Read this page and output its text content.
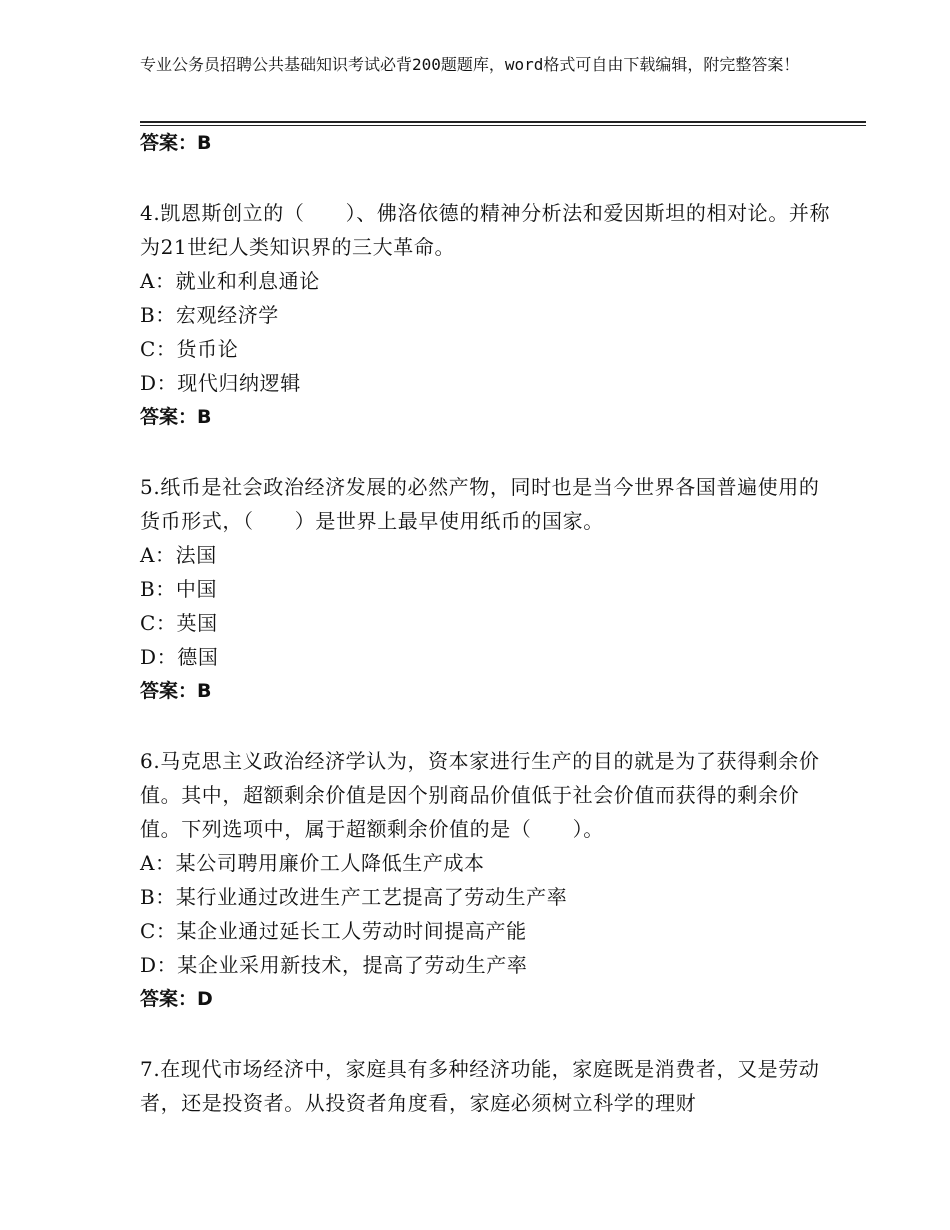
专业公务员招聘公共基础知识考试必背200题题库，word格式可自由下载编辑，附完整答案！
答案：B
4.凯恩斯创立的（　　）、佛洛依德的精神分析法和爱因斯坦的相对论。并称为21世纪人类知识界的三大革命。
A：就业和利息通论
B：宏观经济学
C：货币论
D：现代归纳逻辑
答案：B
5.纸币是社会政治经济发展的必然产物，同时也是当今世界各国普遍使用的货币形式，（　　）是世界上最早使用纸币的国家。
A：法国
B：中国
C：英国
D：德国
答案：B
6.马克思主义政治经济学认为，资本家进行生产的目的就是为了获得剩余价值。其中，超额剩余价值是因个别商品价值低于社会价值而获得的剩余价值。下列选项中，属于超额剩余价值的是（　　）。
A：某公司聘用廉价工人降低生产成本
B：某行业通过改进生产工艺提高了劳动生产率
C：某企业通过延长工人劳动时间提高产能
D：某企业采用新技术，提高了劳动生产率
答案：D
7.在现代市场经济中，家庭具有多种经济功能，家庭既是消费者，又是劳动者，还是投资者。从投资者角度看，家庭必须树立科学的理财
